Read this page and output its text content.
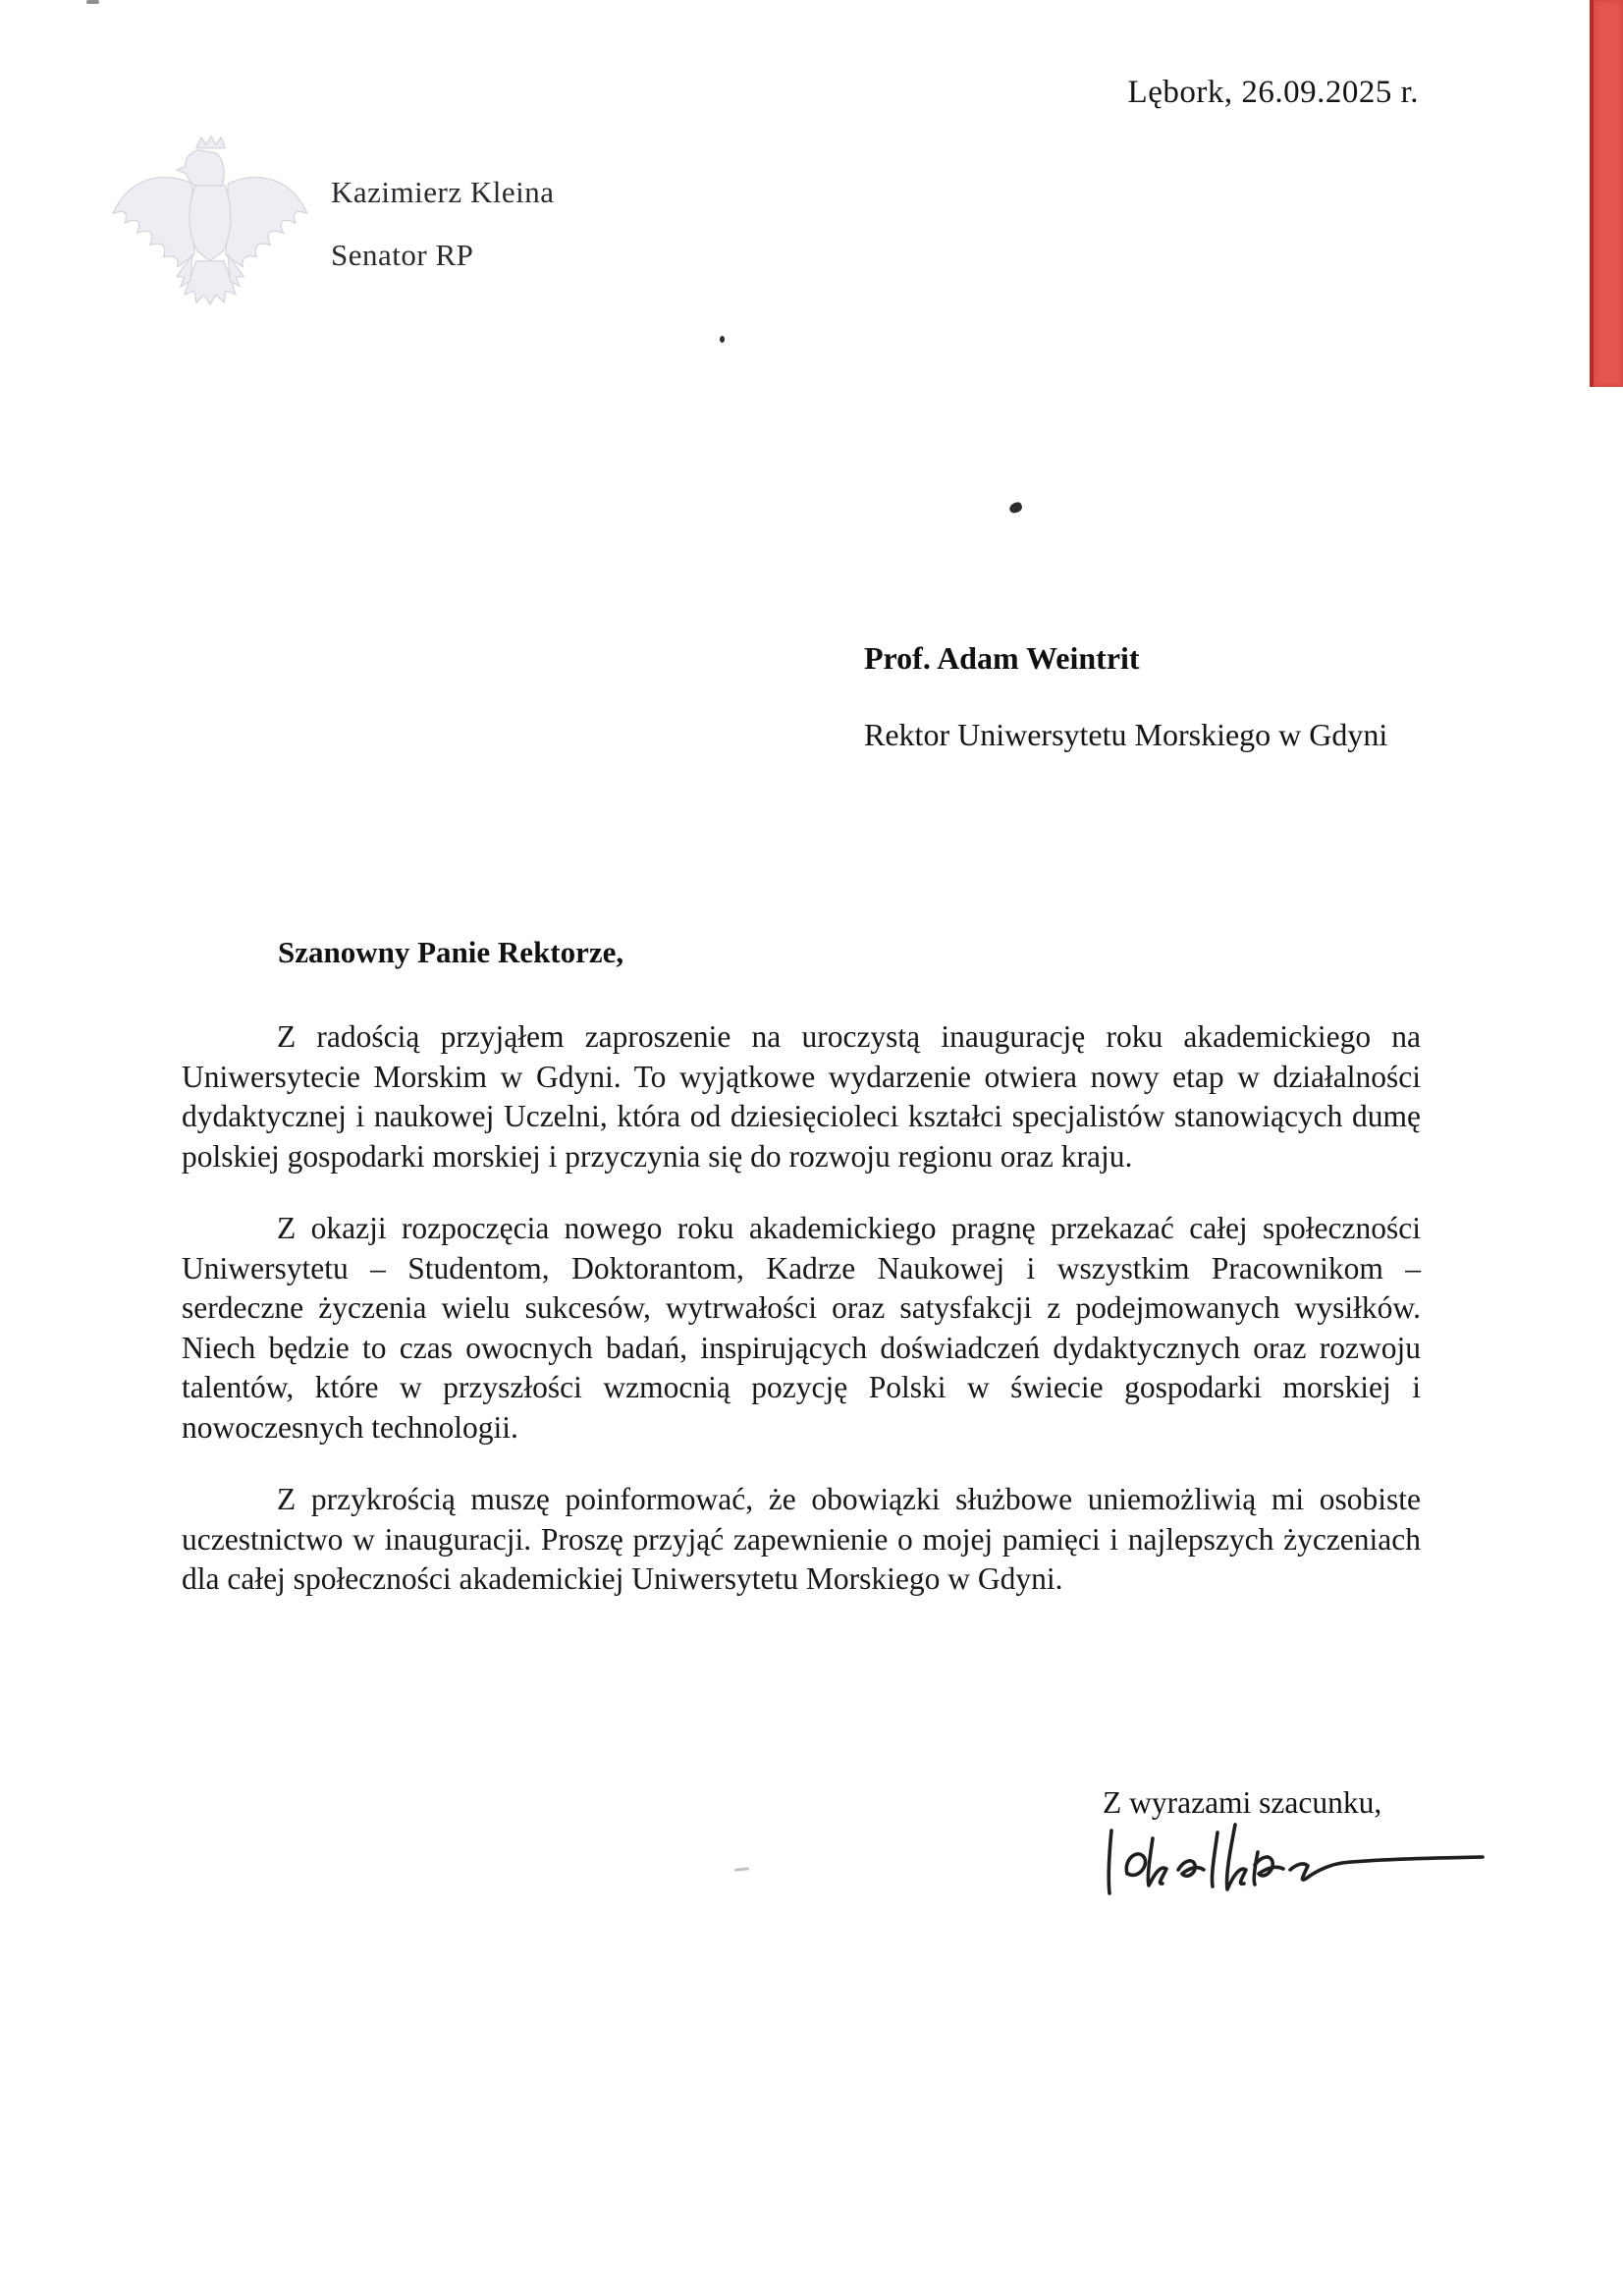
Lębork, 26.09.2025 r.
Kazimierz Kleina
Senator RP
Prof. Adam Weintrit
Rektor Uniwersytetu Morskiego w Gdyni
Szanowny Panie Rektorze,

Z radością przyjąłem zaproszenie na uroczystą inaugurację roku akademickiego na Uniwersytecie Morskim w Gdyni. To wyjątkowe wydarzenie otwiera nowy etap w działalności dydaktycznej i naukowej Uczelni, która od dziesięcioleci kształci specjalistów stanowiących dumę polskiej gospodarki morskiej i przyczynia się do rozwoju regionu oraz kraju.

Z okazji rozpoczęcia nowego roku akademickiego pragnę przekazać całej społeczności Uniwersytetu – Studentom, Doktorantom, Kadrze Naukowej i wszystkim Pracownikom – serdeczne życzenia wielu sukcesów, wytrwałości oraz satysfakcji z podejmowanych wysiłków. Niech będzie to czas owocnych badań, inspirujących doświadczeń dydaktycznych oraz rozwoju talentów, które w przyszłości wzmocnią pozycję Polski w świecie gospodarki morskiej i nowoczesnych technologii.

Z przykrością muszę poinformować, że obowiązki służbowe uniemożliwią mi osobiste uczestnictwo w inauguracji. Proszę przyjąć zapewnienie o mojej pamięci i najlepszych życzeniach dla całej społeczności akademickiej Uniwersytetu Morskiego w Gdyni.

Z wyrazami szacunku,
